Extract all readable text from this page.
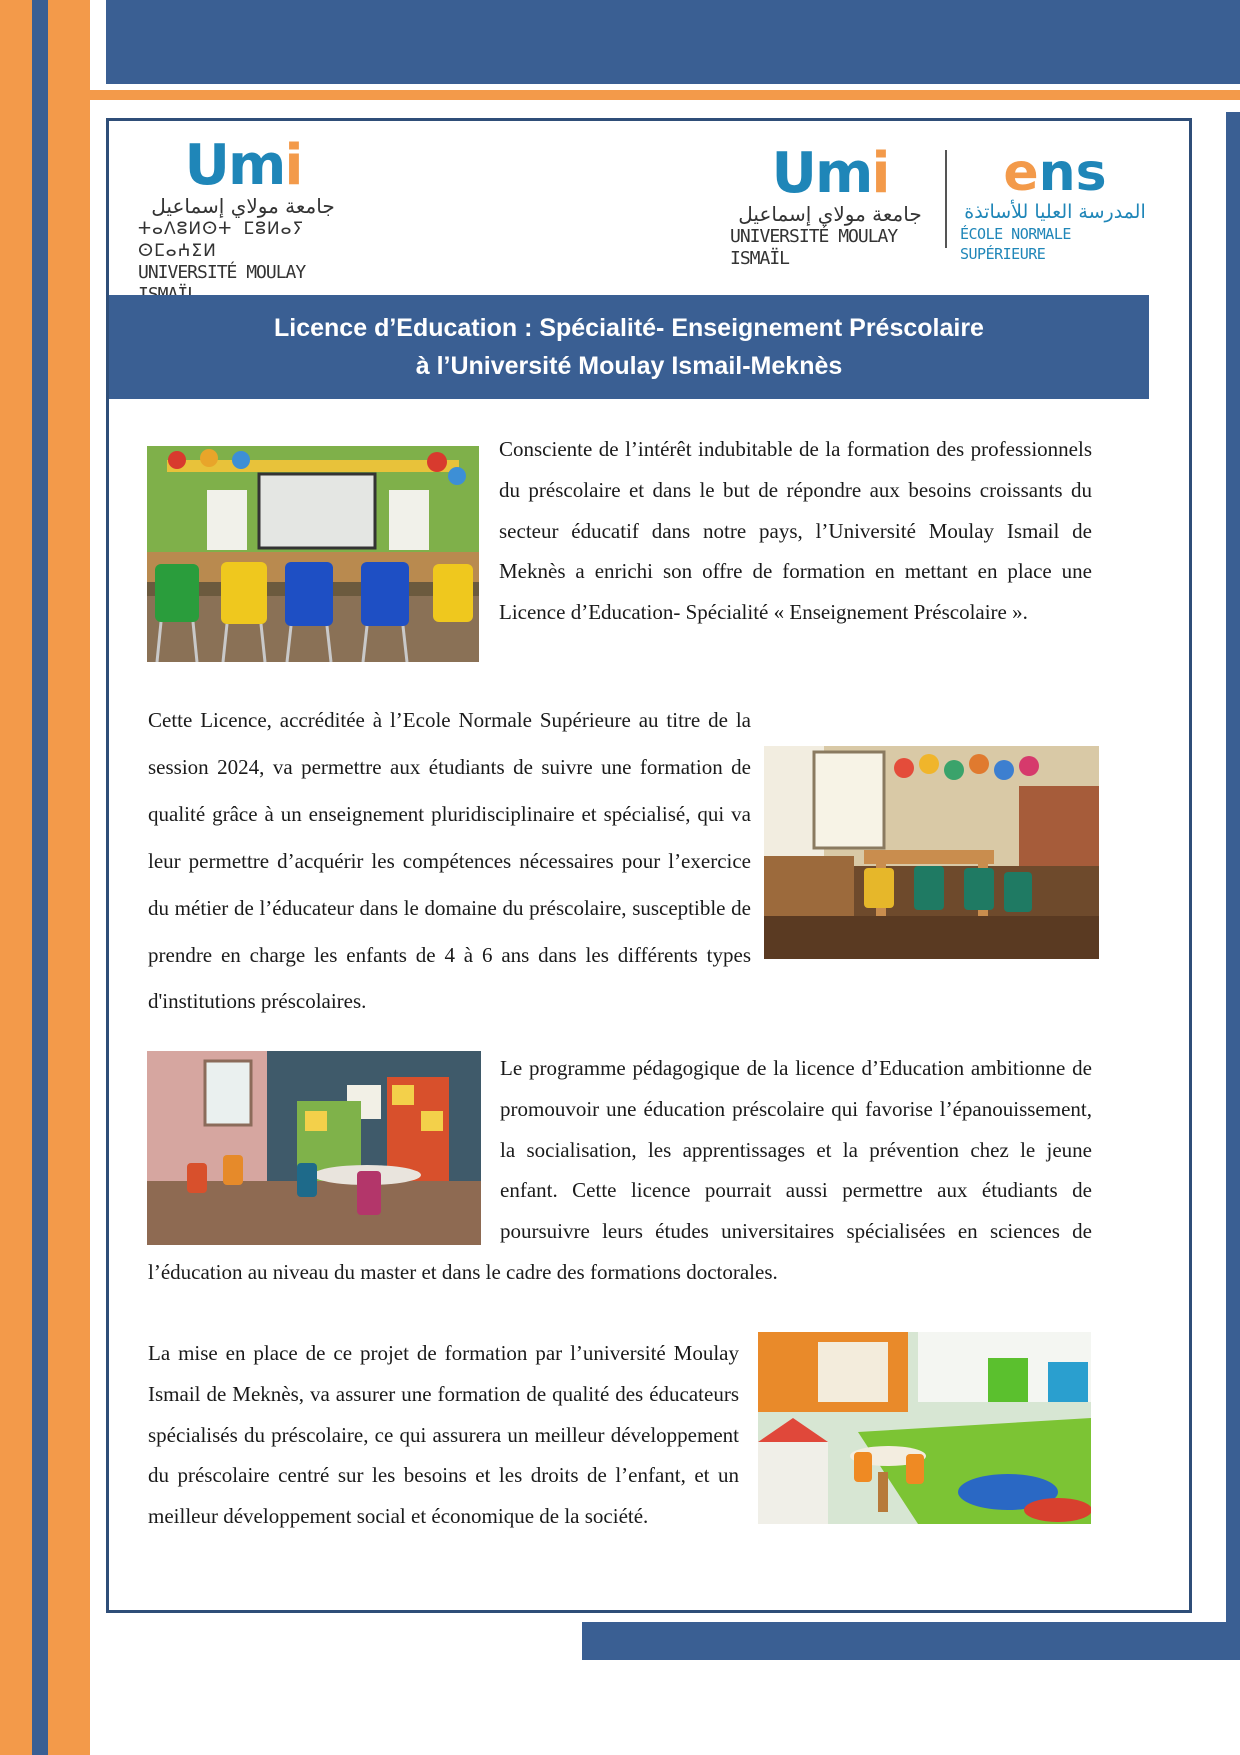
Umi
جامعة مولاي إسماعيل
ⵜⴰⴷⵓⵍⵙⵜ ⵎⵓⵍⴰⵢ ⵙⵎⴰⵄⵉⵍ
UNIVERSITÉ MOULAY
Umi
جامعة مولاي إسماعيل
UNIVERSITÉ MOULAY ISMAÏL
ens
المدرسة العليا للأساتذة
ÉCOLE NORMALE SUPÉRIEURE
Licence d’Education : Spécialité- Enseignement Préscolaire
à l’Université Moulay Ismail-Meknès
Consciente de l’intérêt indubitable de la formation des professionnels du préscolaire et dans le but de répondre aux besoins croissants du secteur éducatif dans notre pays, l’Université Moulay Ismail de Meknès a enrichi son offre de formation en mettant en place une Licence d’Education- Spécialité « Enseignement Préscolaire ».
Cette Licence, accréditée à l’Ecole Normale Supérieure au titre de la session 2024, va permettre aux étudiants de suivre une formation de qualité grâce à un enseignement pluridisciplinaire et spécialisé, qui va leur permettre d’acquérir les compétences nécessaires pour l’exercice du métier de l’éducateur dans le domaine du préscolaire, susceptible de prendre en charge les enfants de 4 à 6 ans dans les différents types d'institutions préscolaires.
Le programme pédagogique de la licence d’Education ambitionne de promouvoir une éducation préscolaire qui favorise l’épanouissement, la socialisation, les apprentissages et la prévention chez le jeune enfant. Cette licence pourrait aussi permettre aux étudiants de poursuivre leurs études universitaires spécialisées en sciences de l’éducation au niveau du master et dans le cadre des formations doctorales.
La mise en place de ce projet de formation par l’université Moulay Ismail de Meknès, va assurer une formation de qualité des éducateurs spécialisés du préscolaire, ce qui assurera un meilleur développement du préscolaire centré sur les besoins et les droits de l’enfant, et un meilleur développement social et économique de la société.
